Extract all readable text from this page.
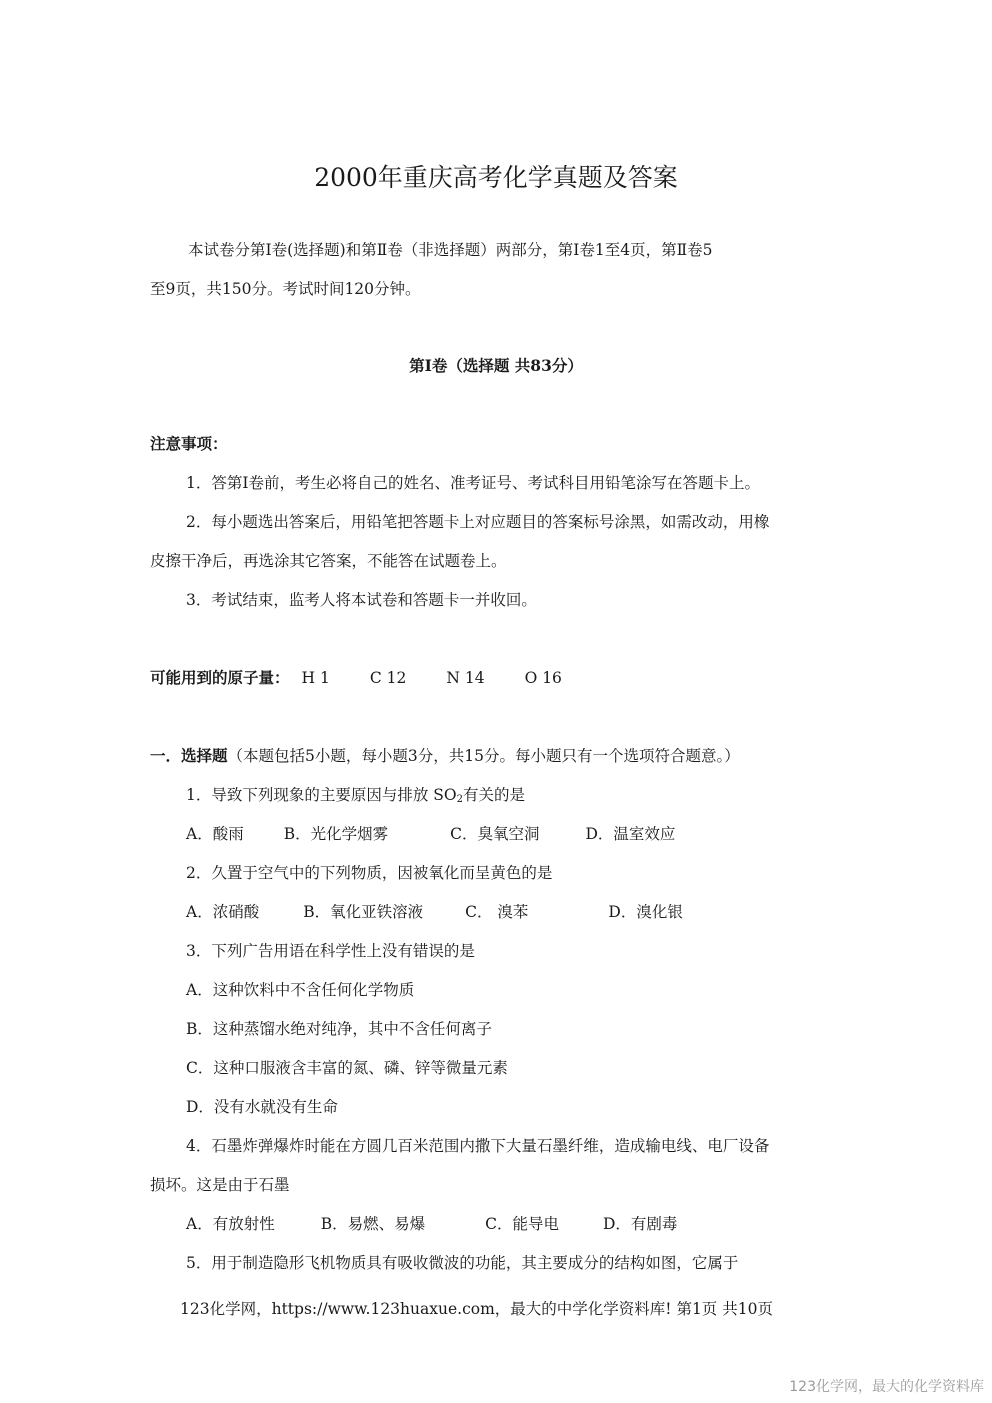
2000年重庆高考化学真题及答案
本试卷分第Ⅰ卷(选择题)和第Ⅱ卷（非选择题）两部分，第Ⅰ卷1至4页，第Ⅱ卷5
至9页，共150分。考试时间120分钟。
第Ⅰ卷（选择题 共83分）
注意事项：
1．答第Ⅰ卷前，考生必将自己的姓名、准考证号、考试科目用铅笔涂写在答题卡上。
2．每小题选出答案后，用铅笔把答题卡上对应题目的答案标号涂黑，如需改动，用橡
皮擦干净后，再选涂其它答案，不能答在试题卷上。
3．考试结束，监考人将本试卷和答题卡一并收回。
可能用到的原子量： H 1	C 12	N 14	O 16
一．选择题（本题包括5小题，每小题3分，共15分。每小题只有一个选项符合题意。）
1．导致下列现象的主要原因与排放 $SO_2$有关的是
A．酸雨	B．光化学烟雾	C．臭氧空洞	D．温室效应
2．久置于空气中的下列物质，因被氧化而呈黄色的是
A．浓硝酸	B．氧化亚铁溶液	C． 溴苯	D．溴化银
3．下列广告用语在科学性上没有错误的是
A．这种饮料中不含任何化学物质
B．这种蒸馏水绝对纯净，其中不含任何离子
C．这种口服液含丰富的氮、磷、锌等微量元素
D．没有水就没有生命
4．石墨炸弹爆炸时能在方圆几百米范围内撒下大量石墨纤维，造成输电线、电厂设备
损坏。这是由于石墨
A．有放射性	B．易燃、易爆	C．能导电	D．有剧毒
5．用于制造隐形飞机物质具有吸收微波的功能，其主要成分的结构如图，它属于
123化学网，https://www.123huaxue.com，最大的中学化学资料库! 第1页 共10页
123化学网，最大的化学资料库
